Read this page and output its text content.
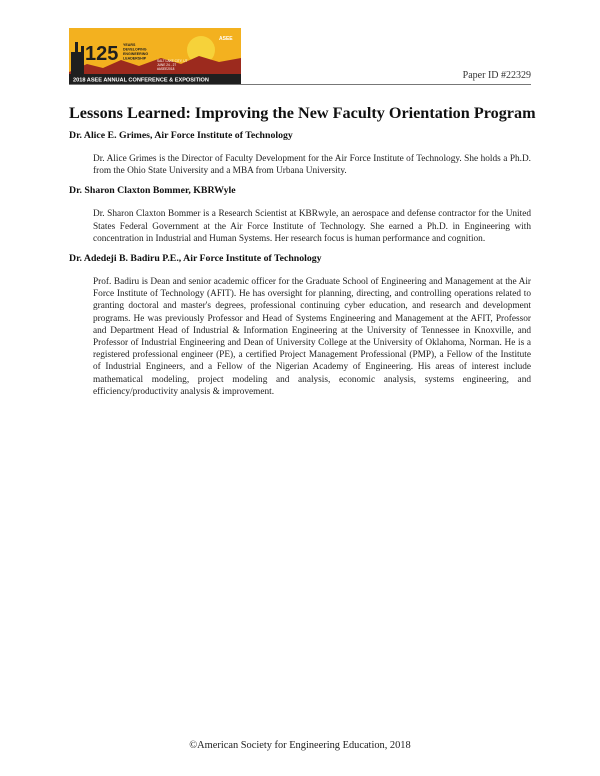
125 YEARS
DEVELOPING
ENGINEERING
LEADERSHIP
SALT LAKE CITY, UT
JUNE 24 - 27
#ASEE2018
ASEE
2018 ASEE ANNUAL CONFERENCE & EXPOSITION	Paper ID #22329
Lessons Learned: Improving the New Faculty Orientation Program

Dr. Alice E. Grimes, Air Force Institute of Technology

Dr. Alice Grimes is the Director of Faculty Development for the Air Force Institute of Technology. She holds a Ph.D. from the Ohio State University and a MBA from Urbana University.

Dr. Sharon Claxton Bommer, KBRWyle

Dr. Sharon Claxton Bommer is a Research Scientist at KBRwyle, an aerospace and defense contractor for the United States Federal Government at the Air Force Institute of Technology. She earned a Ph.D. in Engineering with concentration in Industrial and Human Systems. Her research focus is human performance and cognition.

Dr. Adedeji B. Badiru P.E., Air Force Institute of Technology

Prof. Badiru is Dean and senior academic officer for the Graduate School of Engineering and Management at the Air Force Institute of Technology (AFIT). He has oversight for planning, directing, and controlling operations related to granting doctoral and master's degrees, professional continuing cyber education, and research and development programs. He was previously Professor and Head of Systems Engineering and Management at the AFIT, Professor and Department Head of Industrial & Information Engineering at the University of Tennessee in Knoxville, and Professor of Industrial Engineering and Dean of University College at the University of Oklahoma, Norman. He is a registered professional engineer (PE), a certified Project Management Professional (PMP), a Fellow of the Institute of Industrial Engineers, and a Fellow of the Nigerian Academy of Engineering. His areas of interest include mathematical modeling, project modeling and analysis, economic analysis, systems engineering, and efficiency/productivity analysis & improvement.

©American Society for Engineering Education, 2018
